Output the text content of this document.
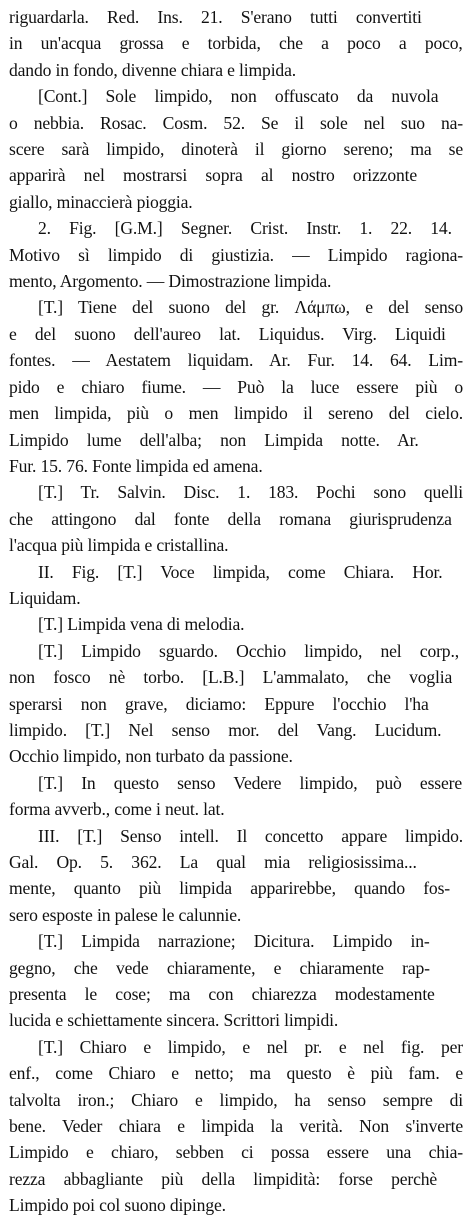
riguardarla. Red. Ins. 21. S'erano tutti convertiti
in un'acqua grossa e torbida, che a poco a poco,
dando in fondo, divenne chiara e limpida.
[Cont.] Sole limpido, non offuscato da nuvola
o nebbia. Rosac. Cosm. 52. Se il sole nel suo na-
scere sarà limpido, dinoterà il giorno sereno; ma se
apparirà nel mostrarsi sopra al nostro orizzonte
giallo, minaccierà pioggia.
2. Fig. [G.M.] Segner. Crist. Instr. 1. 22. 14.
Motivo sì limpido di giustizia. — Limpido ragiona-
mento, Argomento. — Dimostrazione limpida.
[T.] Tiene del suono del gr. Λάμπω, e del senso
e del suono dell'aureo lat. Liquidus. Virg. Liquidi
fontes. — Aestatem liquidam. Ar. Fur. 14. 64. Lim-
pido e chiaro fiume. — Può la luce essere più o
men limpida, più o men limpido il sereno del cielo.
Limpido lume dell'alba; non Limpida notte. Ar.
Fur. 15. 76. Fonte limpida ed amena.
[T.] Tr. Salvin. Disc. 1. 183. Pochi sono quelli
che attingono dal fonte della romana giurisprudenza
l'acqua più limpida e cristallina.
II. Fig. [T.] Voce limpida, come Chiara. Hor.
Liquidam.
[T.] Limpida vena di melodia.
[T.] Limpido sguardo. Occhio limpido, nel corp.,
non fosco nè torbo. [L.B.] L'ammalato, che voglia
sperarsi non grave, diciamo: Eppure l'occhio l'ha
limpido. [T.] Nel senso mor. del Vang. Lucidum.
Occhio limpido, non turbato da passione.
[T.] In questo senso Vedere limpido, può essere
forma avverb., come i neut. lat.
III. [T.] Senso intell. Il concetto appare limpido.
Gal. Op. 5. 362. La qual mia religiosissima...
mente, quanto più limpida apparirebbe, quando fos-
sero esposte in palese le calunnie.
[T.] Limpida narrazione; Dicitura. Limpido in-
gegno, che vede chiaramente, e chiaramente rap-
presenta le cose; ma con chiarezza modestamente
lucida e schiettamente sincera. Scrittori limpidi.
[T.] Chiaro e limpido, e nel pr. e nel fig. per
enf., come Chiaro e netto; ma questo è più fam. e
talvolta iron.; Chiaro e limpido, ha senso sempre di
bene. Veder chiara e limpida la verità. Non s'inverte
Limpido e chiaro, sebben ci possa essere una chia-
rezza abbagliante più della limpidità: forse perchè
Limpido poi col suono dipinge.
